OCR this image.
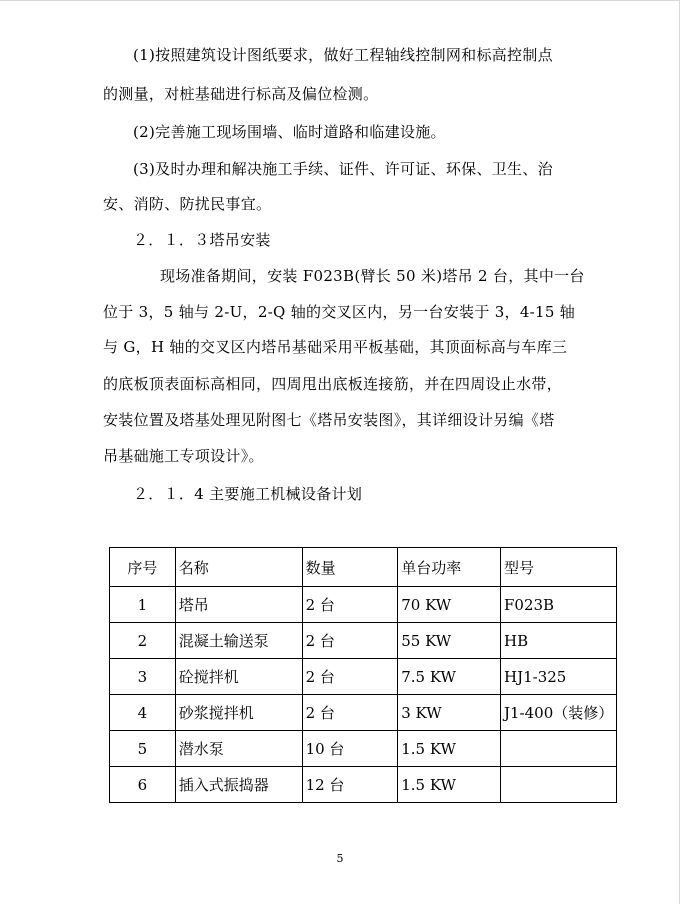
(1)按照建筑设计图纸要求，做好工程轴线控制网和标高控制点
的测量，对桩基础进行标高及偏位检测。
(2)完善施工现场围墙、临时道路和临建设施。
(3)及时办理和解决施工手续、证件、许可证、环保、卫生、治
安、消防、防扰民事宜。
２．１．３塔吊安装
现场准备期间，安装 F023B(臂长 50 米)塔吊 2 台，其中一台
位于 3，5 轴与 2-U，2-Q 轴的交叉区内，另一台安装于 3，4-15 轴
与 G，H 轴的交叉区内塔吊基础采用平板基础，其顶面标高与车库三
的底板顶表面标高相同，四周甩出底板连接筋，并在四周设止水带，
安装位置及塔基处理见附图七《塔吊安装图》，其详细设计另编《塔
吊基础施工专项设计》。
２．１．4 主要施工机械设备计划
序号	名称	数量	单台功率	型号
1	塔吊	2 台	70 KW	F023B
2	混凝土输送泵	2 台	55 KW	HB
3	砼搅拌机	2 台	7.5 KW	HJ1-325
4	砂浆搅拌机	2 台	3 KW	J1-400（装修）
5	潜水泵	10 台	1.5 KW	
6	插入式振捣器	12 台	1.5 KW	
5
